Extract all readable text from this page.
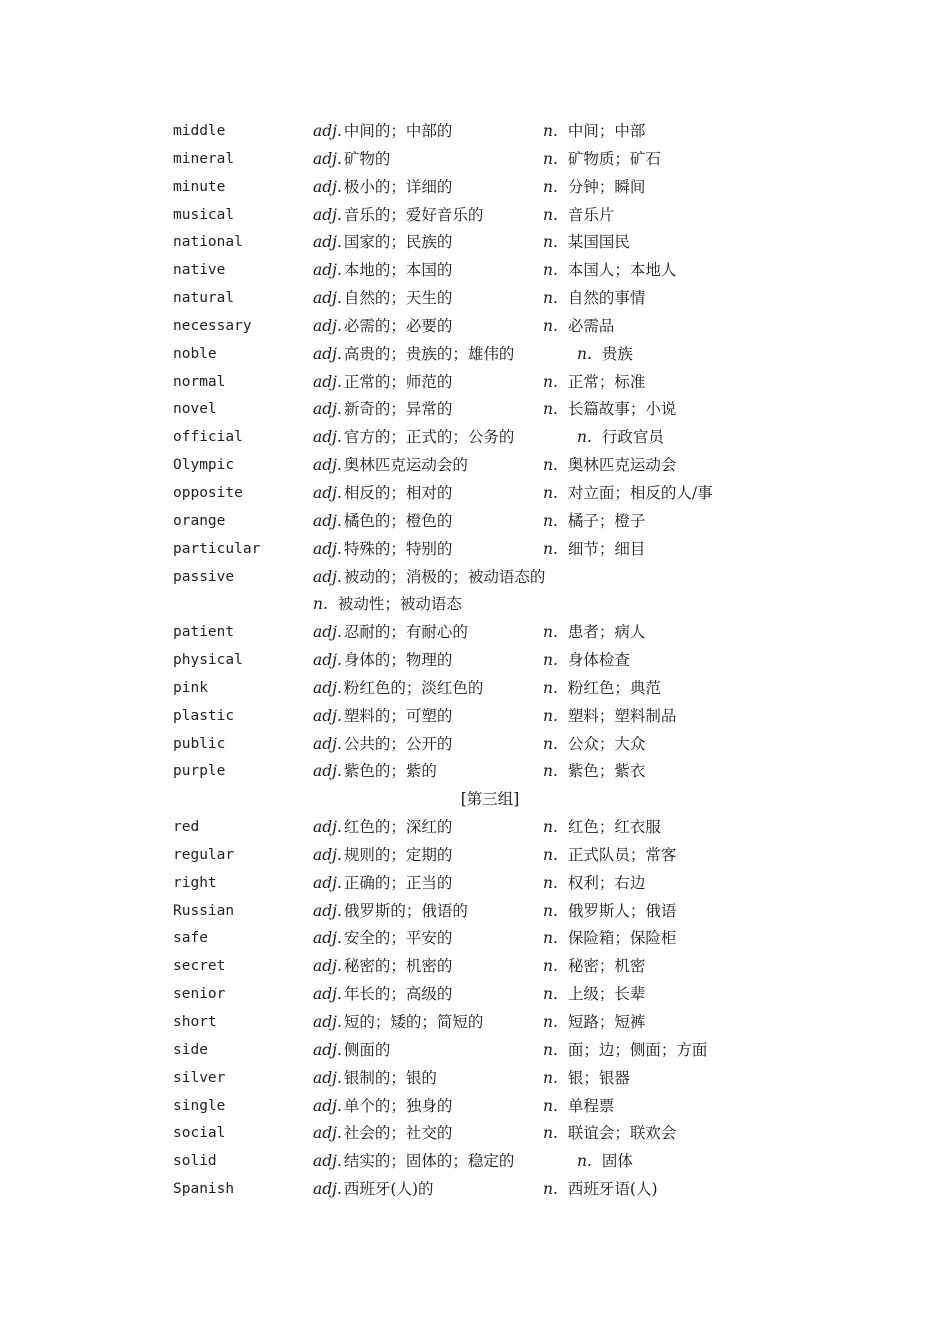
middle	adj. 中间的；中部的	n. 中间；中部
mineral	adj. 矿物的	n. 矿物质；矿石
minute	adj. 极小的；详细的	n. 分钟；瞬间
musical	adj. 音乐的；爱好音乐的	n. 音乐片
national	adj. 国家的；民族的	n. 某国国民
native	adj. 本地的；本国的	n. 本国人；本地人
natural	adj. 自然的；天生的	n. 自然的事情
necessary	adj. 必需的；必要的	n. 必需品
noble	adj. 高贵的；贵族的；雄伟的	n. 贵族
normal	adj. 正常的；师范的	n. 正常；标准
novel	adj. 新奇的；异常的	n. 长篇故事；小说
official	adj. 官方的；正式的；公务的	n. 行政官员
Olympic	adj. 奥林匹克运动会的	n. 奥林匹克运动会
opposite	adj. 相反的；相对的	n. 对立面；相反的人/事
orange	adj. 橘色的；橙色的	n. 橘子；橙子
particular	adj. 特殊的；特别的	n. 细节；细目
passive	adj. 被动的；消极的；被动语态的
n. 被动性；被动语态
patient	adj. 忍耐的；有耐心的	n. 患者；病人
physical	adj. 身体的；物理的	n. 身体检查
pink	adj. 粉红色的；淡红色的	n. 粉红色；典范
plastic	adj. 塑料的；可塑的	n. 塑料；塑料制品
public	adj. 公共的；公开的	n. 公众；大众
purple	adj. 紫色的；紫的	n. 紫色；紫衣
[第三组]
red	adj. 红色的；深红的	n. 红色；红衣服
regular	adj. 规则的；定期的	n. 正式队员；常客
right	adj. 正确的；正当的	n. 权利；右边
Russian	adj. 俄罗斯的；俄语的	n. 俄罗斯人；俄语
safe	adj. 安全的；平安的	n. 保险箱；保险柜
secret	adj. 秘密的；机密的	n. 秘密；机密
senior	adj. 年长的；高级的	n. 上级；长辈
short	adj. 短的；矮的；简短的	n. 短路；短裤
side	adj. 侧面的	n. 面；边；侧面；方面
silver	adj. 银制的；银的	n. 银；银器
single	adj. 单个的；独身的	n. 单程票
social	adj. 社会的；社交的	n. 联谊会；联欢会
solid	adj. 结实的；固体的；稳定的	n. 固体
Spanish	adj. 西班牙(人)的	n. 西班牙语(人)
